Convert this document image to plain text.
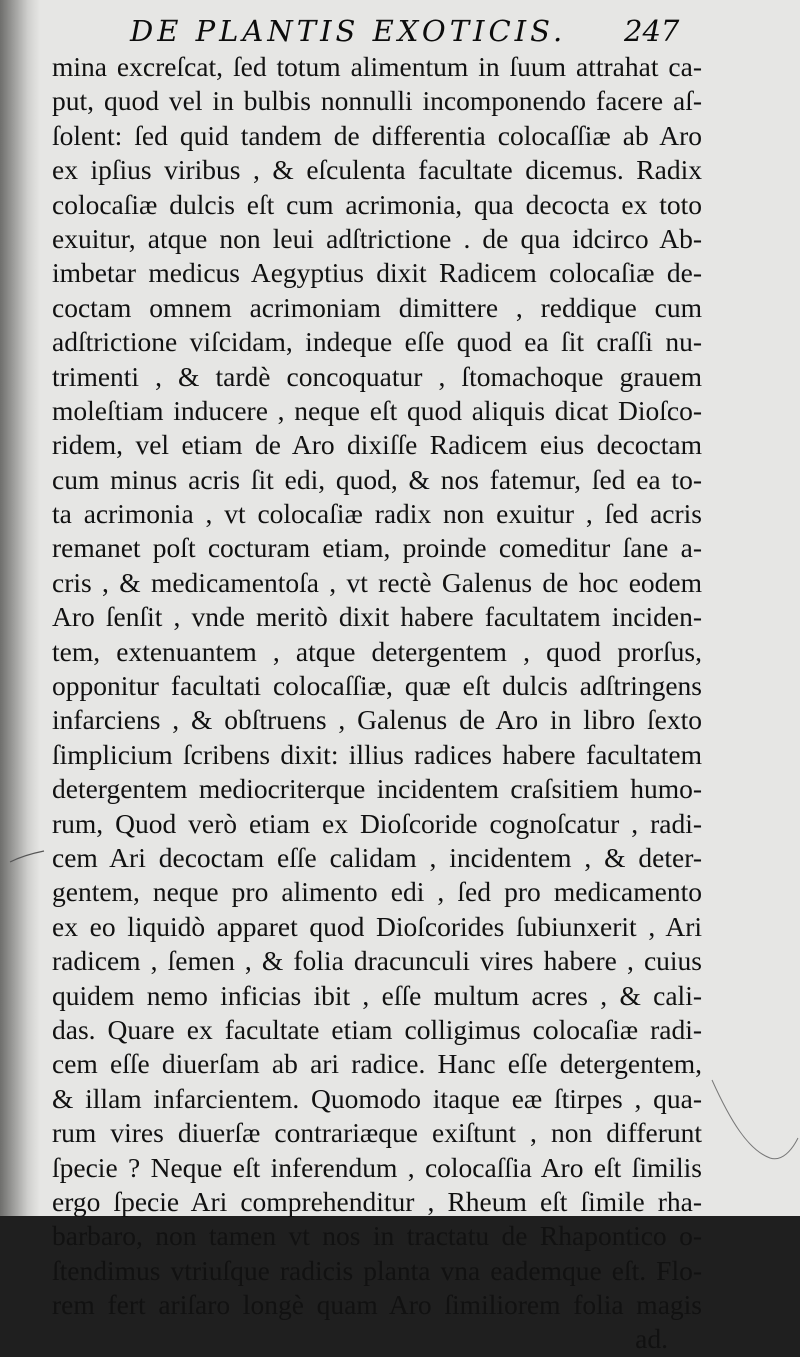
DE PLANTIS EXOTICIS. 247
mina excreſcat, ſed totum alimentum in ſuum attrahat ca-
put, quod vel in bulbis nonnulli incomponendo facere aſ-
ſolent: ſed quid tandem de differentia colocaſſiæ ab Aro
ex ipſius viribus , & eſculenta facultate dicemus. Radix
colocaſiæ dulcis eſt cum acrimonia, qua decocta ex toto
exuitur, atque non leui adſtrictione . de qua idcirco Ab-
imbetar medicus Aegyptius dixit Radicem colocaſiæ de-
coctam omnem acrimoniam dimittere , reddique cum
adſtrictione viſcidam, indeque eſſe quod ea ſit craſſi nu-
trimenti , & tardè concoquatur , ſtomachoque grauem
moleſtiam inducere , neque eſt quod aliquis dicat Dioſco-
ridem, vel etiam de Aro dixiſſe Radicem eius decoctam
cum minus acris ſit edi, quod, & nos fatemur, ſed ea to-
ta acrimonia , vt colocaſiæ radix non exuitur , ſed acris
remanet poſt cocturam etiam, proinde comeditur ſane a-
cris , & medicamentoſa , vt rectè Galenus de hoc eodem
Aro ſenſit , vnde meritò dixit habere facultatem inciden-
tem, extenuantem , atque detergentem , quod prorſus,
opponitur facultati colocaſſiæ, quæ eſt dulcis adſtringens
infarciens , & obſtruens , Galenus de Aro in libro ſexto
ſimplicium ſcribens dixit: illius radices habere facultatem
detergentem mediocriterque incidentem craſsitiem humo-
rum, Quod verò etiam ex Dioſcoride cognoſcatur , radi-
cem Ari decoctam eſſe calidam , incidentem , & deter-
gentem, neque pro alimento edi , ſed pro medicamento
ex eo liquidò apparet quod Dioſcorides ſubiunxerit , Ari
radicem , ſemen , & folia dracunculi vires habere , cuius
quidem nemo inficias ibit , eſſe multum acres , & cali-
das. Quare ex facultate etiam colligimus colocaſiæ radi-
cem eſſe diuerſam ab ari radice. Hanc eſſe detergentem,
& illam infarcientem. Quomodo itaque eæ ſtirpes , qua-
rum vires diuerſæ contrariæque exiſtunt , non differunt
ſpecie ? Neque eſt inferendum , colocaſſia Aro eſt ſimilis
ergo ſpecie Ari comprehenditur , Rheum eſt ſimile rha-
barbaro, non tamen vt nos in tractatu de Rhapontico o-
ſtendimus vtriuſque radicis planta vna eademque eſt. Flo-
rem fert ariſaro longè quam Aro ſimiliorem folia magis
ad.
